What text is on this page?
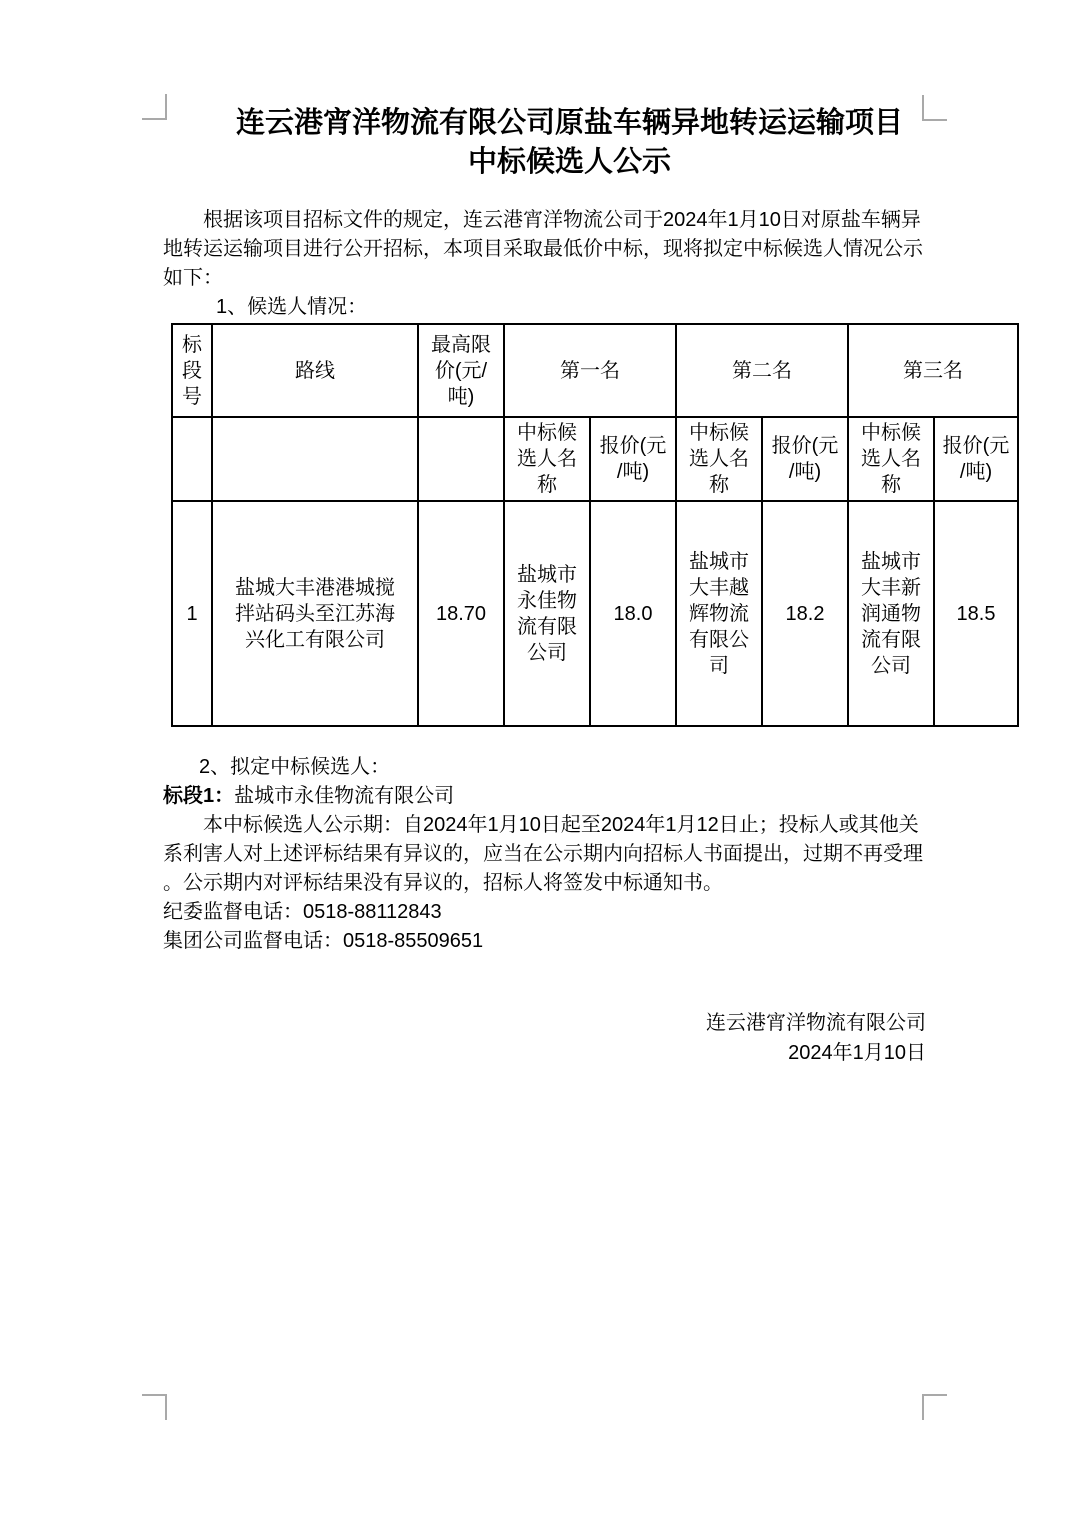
连云港宵洋物流有限公司原盐车辆异地转运运输项目
中标候选人公示
根据该项目招标文件的规定，连云港宵洋物流公司于2024年1月10日对原盐车辆异
地转运运输项目进行公开招标，本项目采取最低价中标，现将拟定中标候选人情况公示
如下：
1、候选人情况：
标
段
号	路线	最高限
价(元/
吨)	第一名		第二名		第三名	
			中标候
选人名
称	报价(元
/吨)	中标候
选人名
称	报价(元
/吨)	中标候
选人名
称	报价(元
/吨)
1	盐城大丰港港城搅
拌站码头至江苏海
兴化工有限公司	18.70	盐城市
永佳物
流有限
公司	18.0	盐城市
大丰越
辉物流
有限公
司	18.2	盐城市
大丰新
润通物
流有限
公司	18.5
2、拟定中标候选人：
标段1：盐城市永佳物流有限公司
本中标候选人公示期：自2024年1月10日起至2024年1月12日止；投标人或其他关
系利害人对上述评标结果有异议的，应当在公示期内向招标人书面提出，过期不再受理
。公示期内对评标结果没有异议的，招标人将签发中标通知书。
纪委监督电话：0518-88112843
集团公司监督电话：0518-85509651
连云港宵洋物流有限公司
2024年1月10日
